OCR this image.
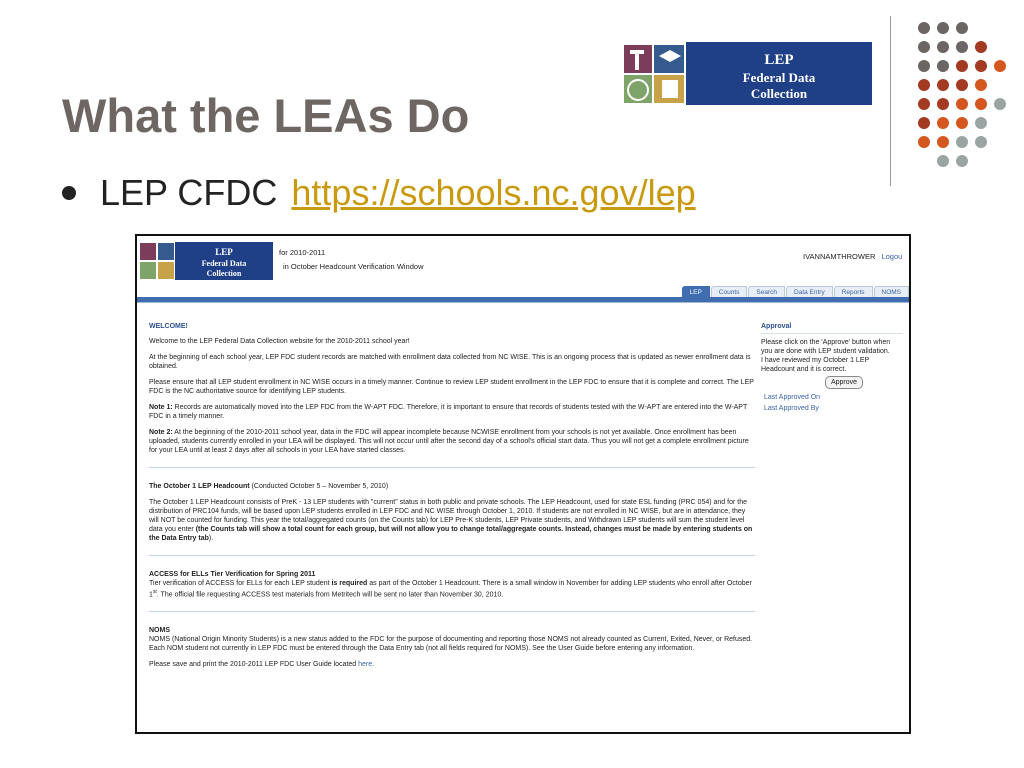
What the LEAs Do
LEP CFDC https://schools.nc.gov/lep
LEP
Federal Data
Collection
LEP
Federal Data
Collection
for 2010-2011
in October Headcount Verification Window
IVANNAMTHROWER Logou
LEP	Counts	Search	Data Entry	Reports	NOMS
WELCOME!

Welcome to the LEP Federal Data Collection website for the 2010-2011 school year!

At the beginning of each school year, LEP FDC student records are matched with enrollment data collected from NC WISE. This is an ongoing process that is updated as newer enrollment data is obtained.

Please ensure that all LEP student enrollment in NC WISE occurs in a timely manner. Continue to review LEP student enrollment in the LEP FDC to ensure that it is complete and correct. The LEP FDC is the NC authoritative source for identifying LEP students.

Note 1: Records are automatically moved into the LEP FDC from the W-APT FDC. Therefore, it is important to ensure that records of students tested with the W-APT are entered into the W-APT FDC in a timely manner.

Note 2: At the beginning of the 2010-2011 school year, data in the FDC will appear incomplete because NCWISE enrollment from your schools is not yet available. Once enrollment has been uploaded, students currently enrolled in your LEA will be displayed. This will not occur until after the second day of a school's official start data. Thus you will not get a complete enrollment picture for your LEA until at least 2 days after all schools in your LEA have started classes.

The October 1 LEP Headcount (Conducted October 5 – November 5, 2010)

The October 1 LEP Headcount consists of PreK - 13 LEP students with "current" status in both public and private schools. The LEP Headcount, used for state ESL funding (PRC 054) and for the distribution of PRC104 funds, will be based upon LEP students enrolled in LEP FDC and NC WISE through October 1, 2010. If students are not enrolled in NC WISE, but are in attendance, they will NOT be counted for funding. This year the total/aggregated counts (on the Counts tab) for LEP Pre-K students, LEP Private students, and Withdrawn LEP students will sum the student level data you enter (the Counts tab will show a total count for each group, but will not allow you to change total/aggregate counts. Instead, changes must be made by entering students on the Data Entry tab).

ACCESS for ELLs Tier Verification for Spring 2011

Tier verification of ACCESS for ELLs for each LEP student is required as part of the October 1 Headcount. There is a small window in November for adding LEP students who enroll after October 1st. The official file requesting ACCESS test materials from Metritech will be sent no later than November 30, 2010.

NOMS

NOMS (National Origin Minority Students) is a new status added to the FDC for the purpose of documenting and reporting those NOMS not already counted as Current, Exited, Never, or Refused. Each NOM student not currently in LEP FDC must be entered through the Data Entry tab (not all fields required for NOMS). See the User Guide before entering any information.

Please save and print the 2010-2011 LEP FDC User Guide located here.

Approval
Please click on the 'Approve' button when you are done with LEP student validation.
I have reviewed my October 1 LEP Headcount and it is correct.
Approve
Last Approved On
Last Approved By
